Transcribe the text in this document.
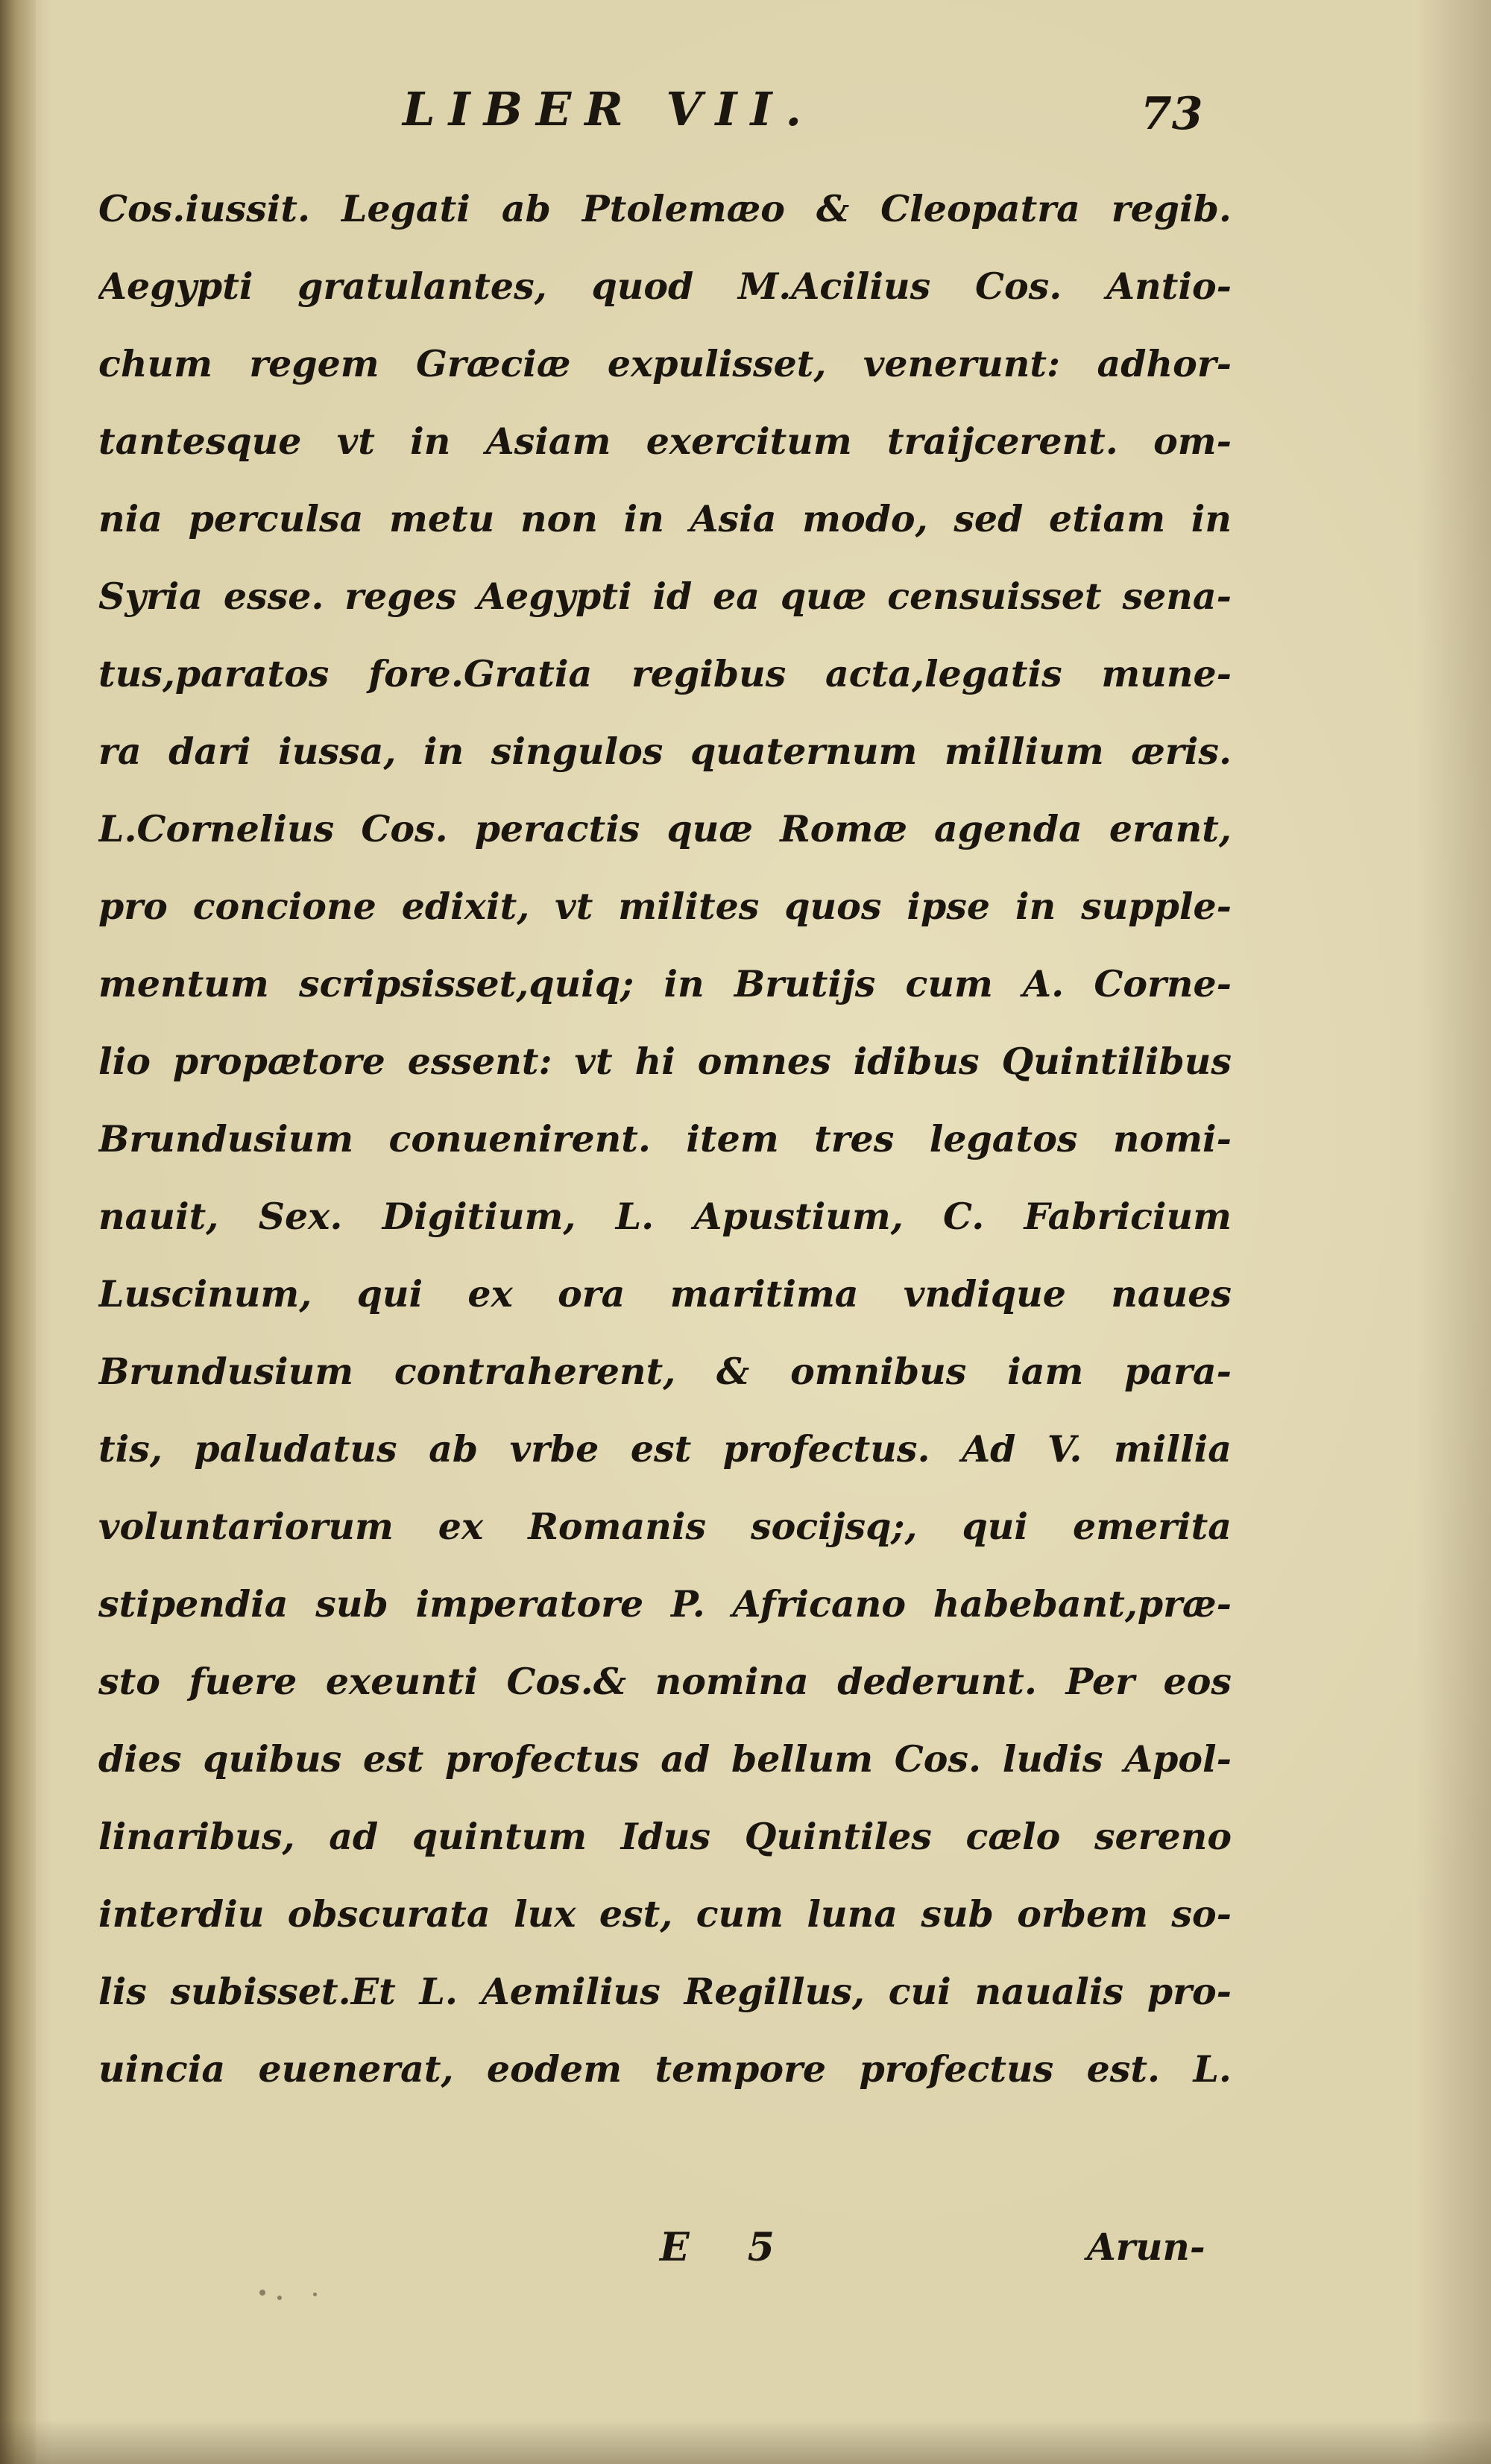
LIBER VII.	73
Cos.iussit. Legati ab Ptolemæo & Cleopatra regib.
Aegypti gratulantes, quod M.Acilius Cos. Antio-
chum regem Græciæ expulisset, venerunt: adhor-
tantesque vt in Asiam exercitum traijcerent. om-
nia perculsa metu non in Asia modo, sed etiam in
Syria esse. reges Aegypti id ea quæ censuisset sena-
tus,paratos fore.Gratia regibus acta,legatis mune-
ra dari iussa, in singulos quaternum millium æris.
L.Cornelius Cos. peractis quæ Romæ agenda erant,
pro concione edixit, vt milites quos ipse in supple-
mentum scripsisset,quiq; in Brutijs cum A. Corne-
lio propætore essent: vt hi omnes idibus Quintilibus
Brundusium conuenirent. item tres legatos nomi-
nauit, Sex. Digitium, L. Apustium, C. Fabricium
Luscinum, qui ex ora maritima vndique naues
Brundusium contraherent, & omnibus iam para-
tis, paludatus ab vrbe est profectus. Ad V. millia
voluntariorum ex Romanis socijsq;, qui emerita
stipendia sub imperatore P. Africano habebant,præ-
sto fuere exeunti Cos.& nomina dederunt. Per eos
dies quibus est profectus ad bellum Cos. ludis Apol-
linaribus, ad quintum Idus Quintiles cælo sereno
interdiu obscurata lux est, cum luna sub orbem so-
lis subisset.Et L. Aemilius Regillus, cui naualis pro-
uincia euenerat, eodem tempore profectus est. L.
E 5	Arun-
